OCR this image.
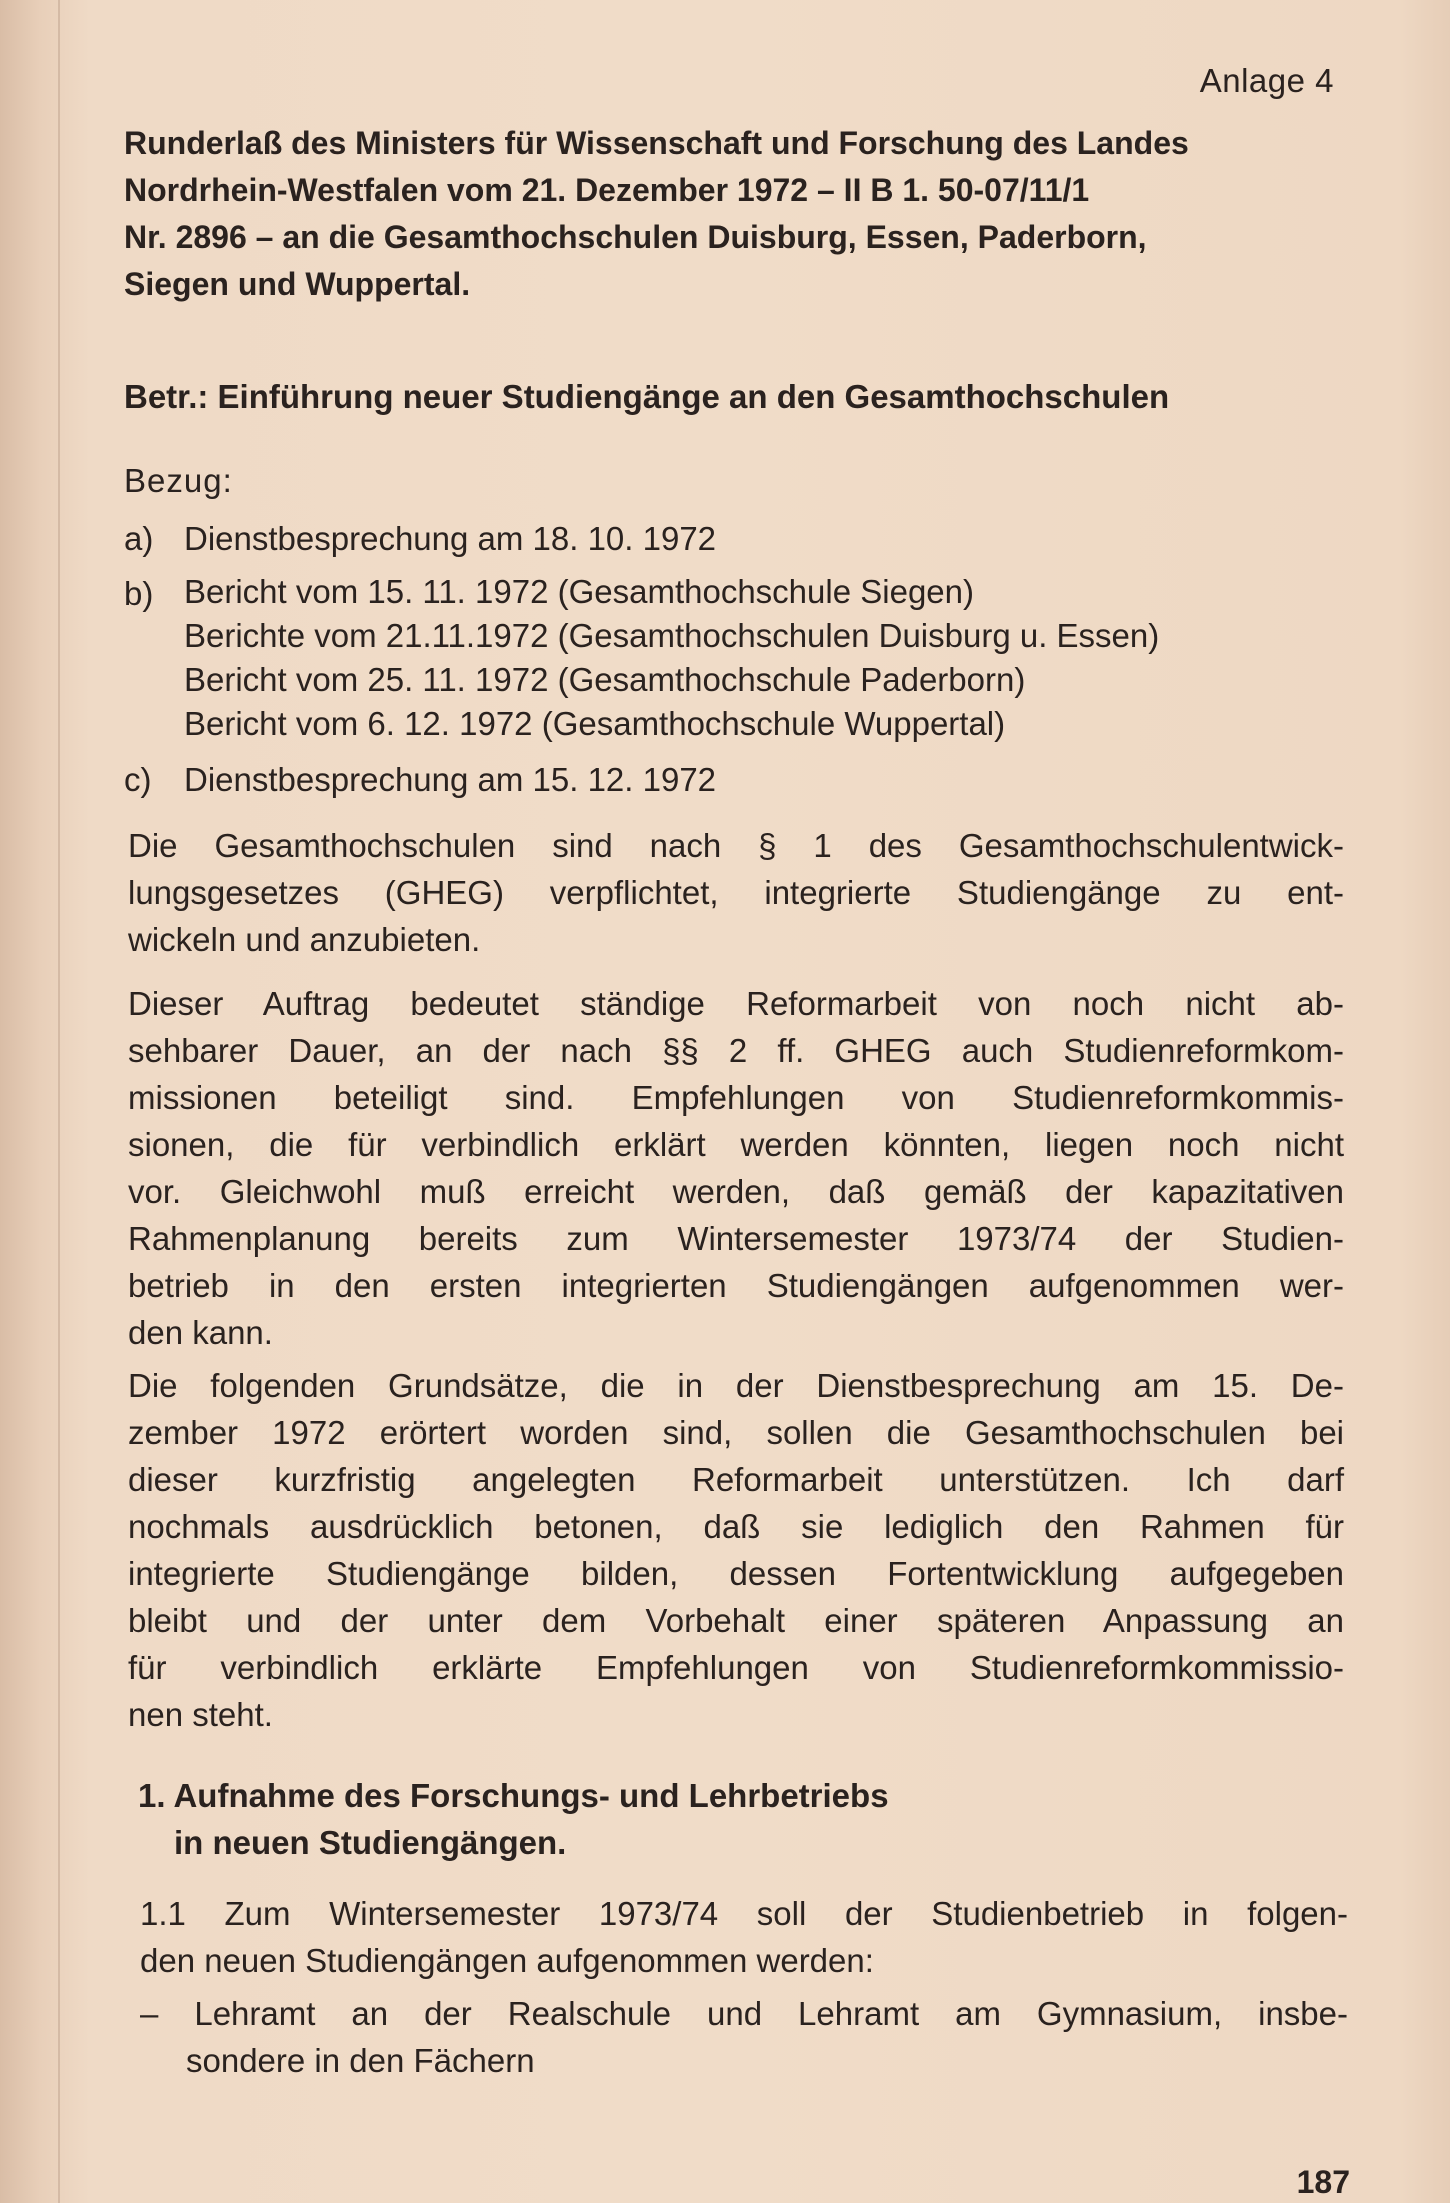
Anlage 4
Runderlaß des Ministers für Wissenschaft und Forschung des Landes
Nordrhein-Westfalen vom 21. Dezember 1972 – II B 1. 50-07/11/1
Nr. 2896 – an die Gesamthochschulen Duisburg, Essen, Paderborn,
Siegen und Wuppertal.
Betr.: Einführung neuer Studiengänge an den Gesamthochschulen
Bezug:
a) Dienstbesprechung am 18. 10. 1972
b) Bericht vom 15. 11. 1972 (Gesamthochschule Siegen)
Berichte vom 21.11.1972 (Gesamthochschulen Duisburg u. Essen)
Bericht vom 25. 11. 1972 (Gesamthochschule Paderborn)
Bericht vom 6. 12. 1972 (Gesamthochschule Wuppertal)
c) Dienstbesprechung am 15. 12. 1972
Die Gesamthochschulen sind nach § 1 des Gesamthochschulentwick-
lungsgesetzes (GHEG) verpflichtet, integrierte Studiengänge zu ent-
wickeln und anzubieten.
Dieser Auftrag bedeutet ständige Reformarbeit von noch nicht ab-
sehbarer Dauer, an der nach §§ 2 ff. GHEG auch Studienreformkom-
missionen beteiligt sind. Empfehlungen von Studienreformkommis-
sionen, die für verbindlich erklärt werden könnten, liegen noch nicht
vor. Gleichwohl muß erreicht werden, daß gemäß der kapazitativen
Rahmenplanung bereits zum Wintersemester 1973/74 der Studien-
betrieb in den ersten integrierten Studiengängen aufgenommen wer-
den kann.
Die folgenden Grundsätze, die in der Dienstbesprechung am 15. De-
zember 1972 erörtert worden sind, sollen die Gesamthochschulen bei
dieser kurzfristig angelegten Reformarbeit unterstützen. Ich darf
nochmals ausdrücklich betonen, daß sie lediglich den Rahmen für
integrierte Studiengänge bilden, dessen Fortentwicklung aufgegeben
bleibt und der unter dem Vorbehalt einer späteren Anpassung an
für verbindlich erklärte Empfehlungen von Studienreformkommissio-
nen steht.
1. Aufnahme des Forschungs- und Lehrbetriebs
in neuen Studiengängen.
1.1 Zum Wintersemester 1973/74 soll der Studienbetrieb in folgen-
den neuen Studiengängen aufgenommen werden:
– Lehramt an der Realschule und Lehramt am Gymnasium, insbe-
sondere in den Fächern
187
